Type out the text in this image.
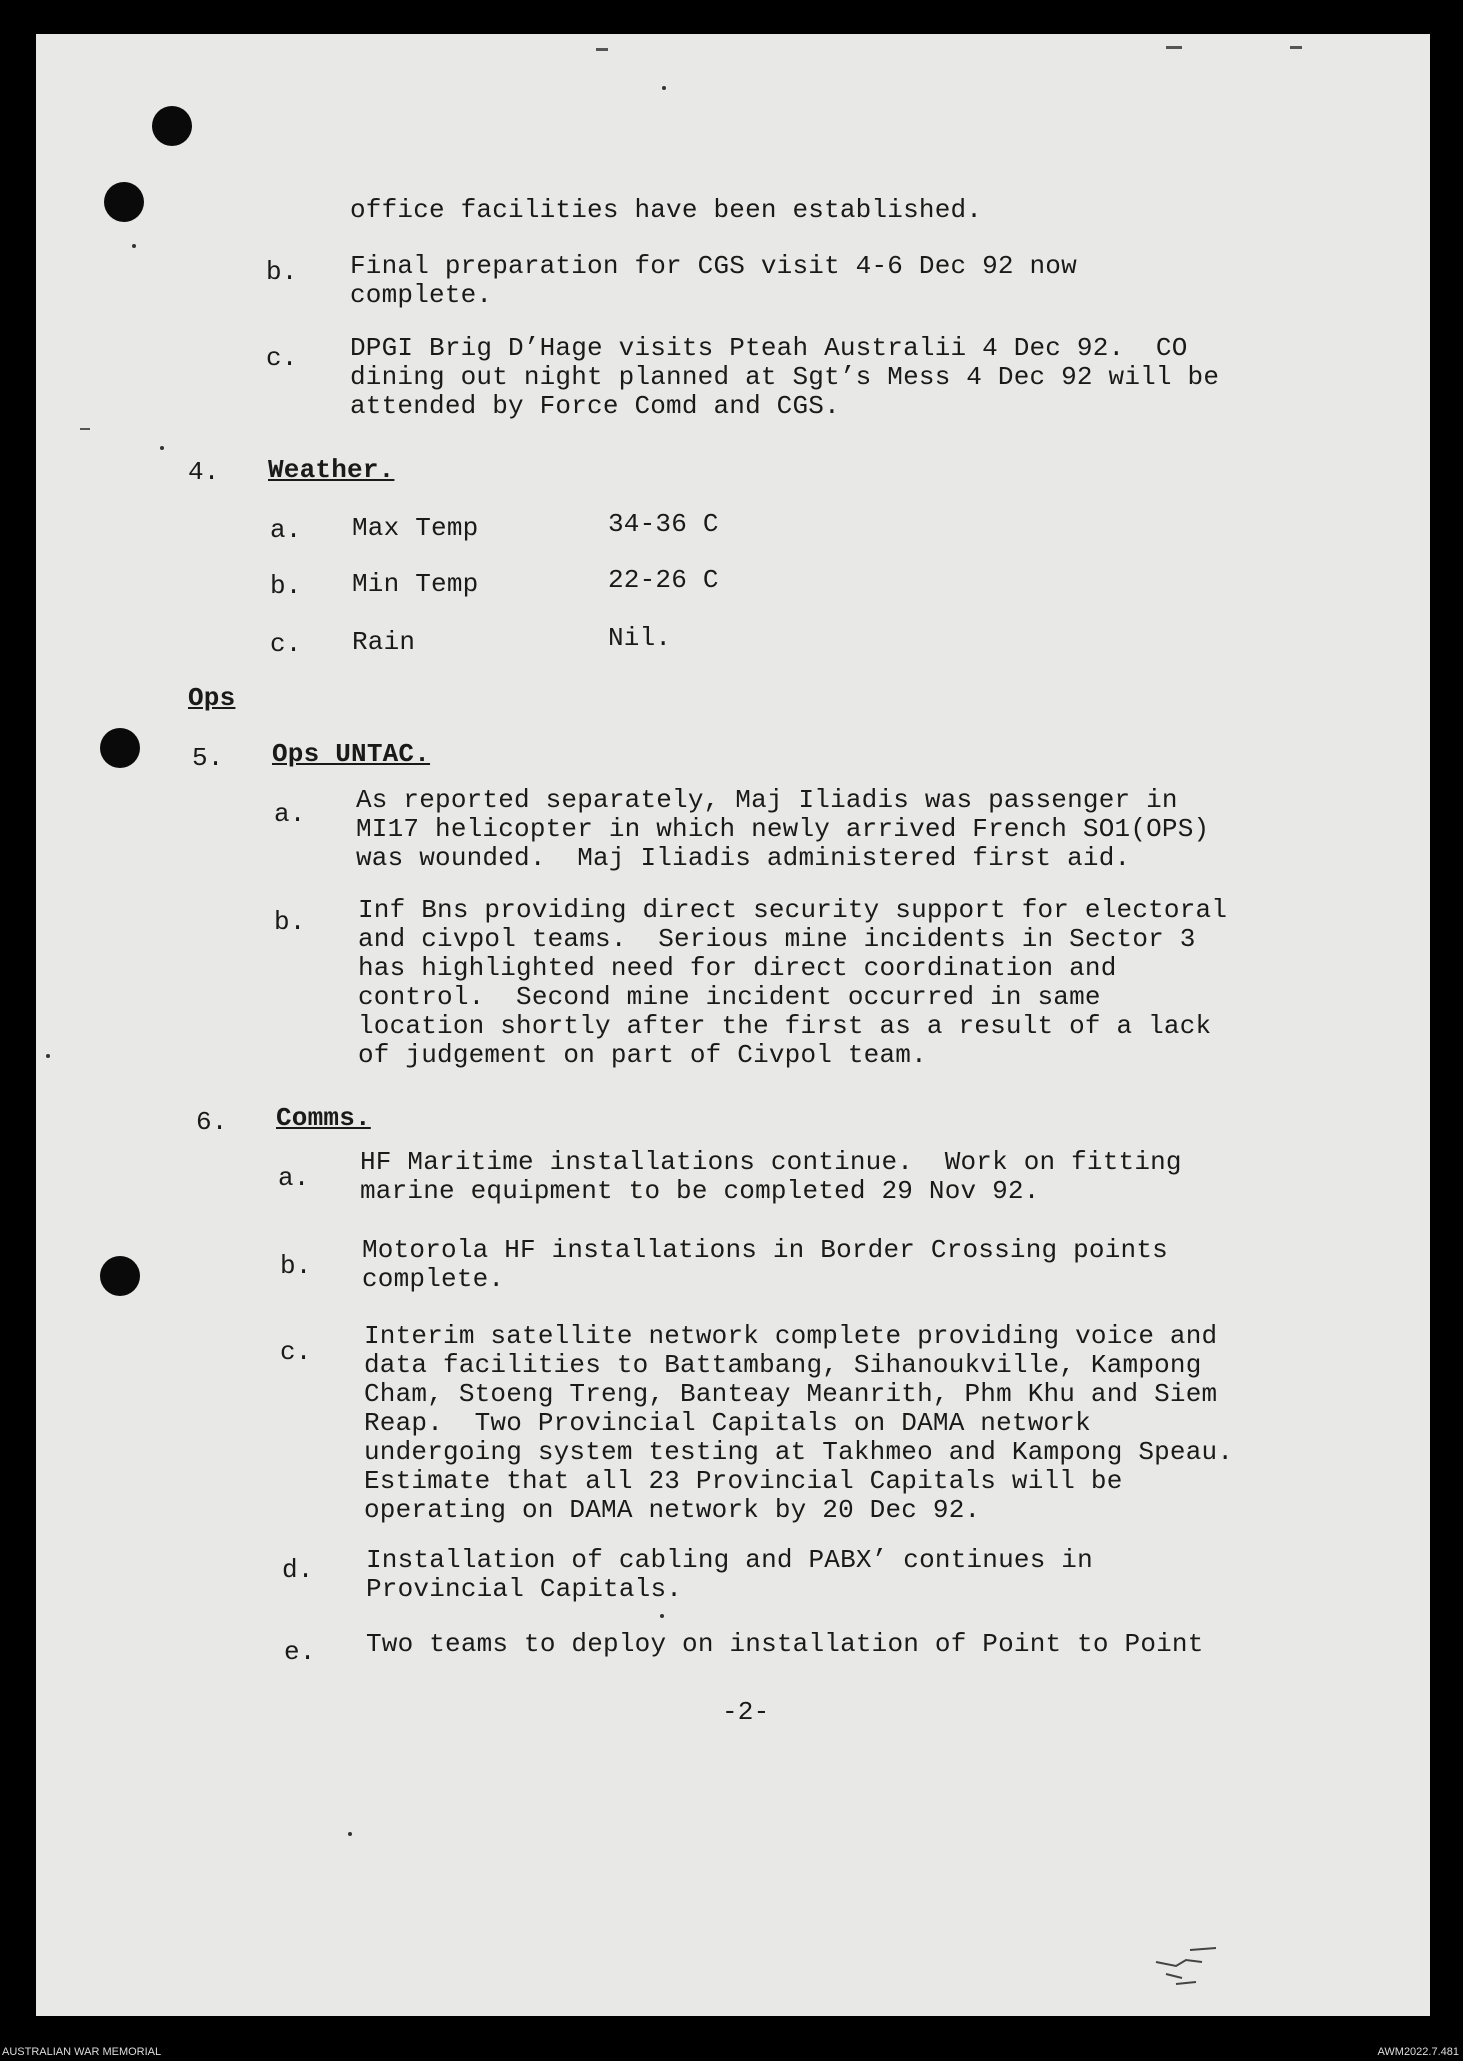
office facilities have been established.
b. Final preparation for CGS visit 4-6 Dec 92 now
complete.
c. DPGI Brig D’Hage visits Pteah Australii 4 Dec 92.  CO
dining out night planned at Sgt’s Mess 4 Dec 92 will be
attended by Force Comd and CGS.
4. Weather.
a. Max Temp	34-36 C
b. Min Temp	22-26 C
c. Rain	Nil.
Ops
5. Ops UNTAC.
a. As reported separately, Maj Iliadis was passenger in
MI17 helicopter in which newly arrived French SO1(OPS)
was wounded.  Maj Iliadis administered first aid.
b. Inf Bns providing direct security support for electoral
and civpol teams.  Serious mine incidents in Sector 3
has highlighted need for direct coordination and
control.  Second mine incident occurred in same
location shortly after the first as a result of a lack
of judgement on part of Civpol team.
6. Comms.
a.
HF Maritime installations continue.  Work on fitting
marine equipment to be completed 29 Nov 92.
b.
Motorola HF installations in Border Crossing points
complete.
c.
Interim satellite network complete providing voice and
data facilities to Battambang, Sihanoukville, Kampong
Cham, Stoeng Treng, Banteay Meanrith, Phm Khu and Siem
Reap.  Two Provincial Capitals on DAMA network
undergoing system testing at Takhmeo and Kampong Speau.
Estimate that all 23 Provincial Capitals will be
operating on DAMA network by 20 Dec 92.
d. Installation of cabling and PABX’ continues in
Provincial Capitals.
e. Two teams to deploy on installation of Point to Point
-2-
AUSTRALIAN WAR MEMORIAL	AWM2022.7.481
